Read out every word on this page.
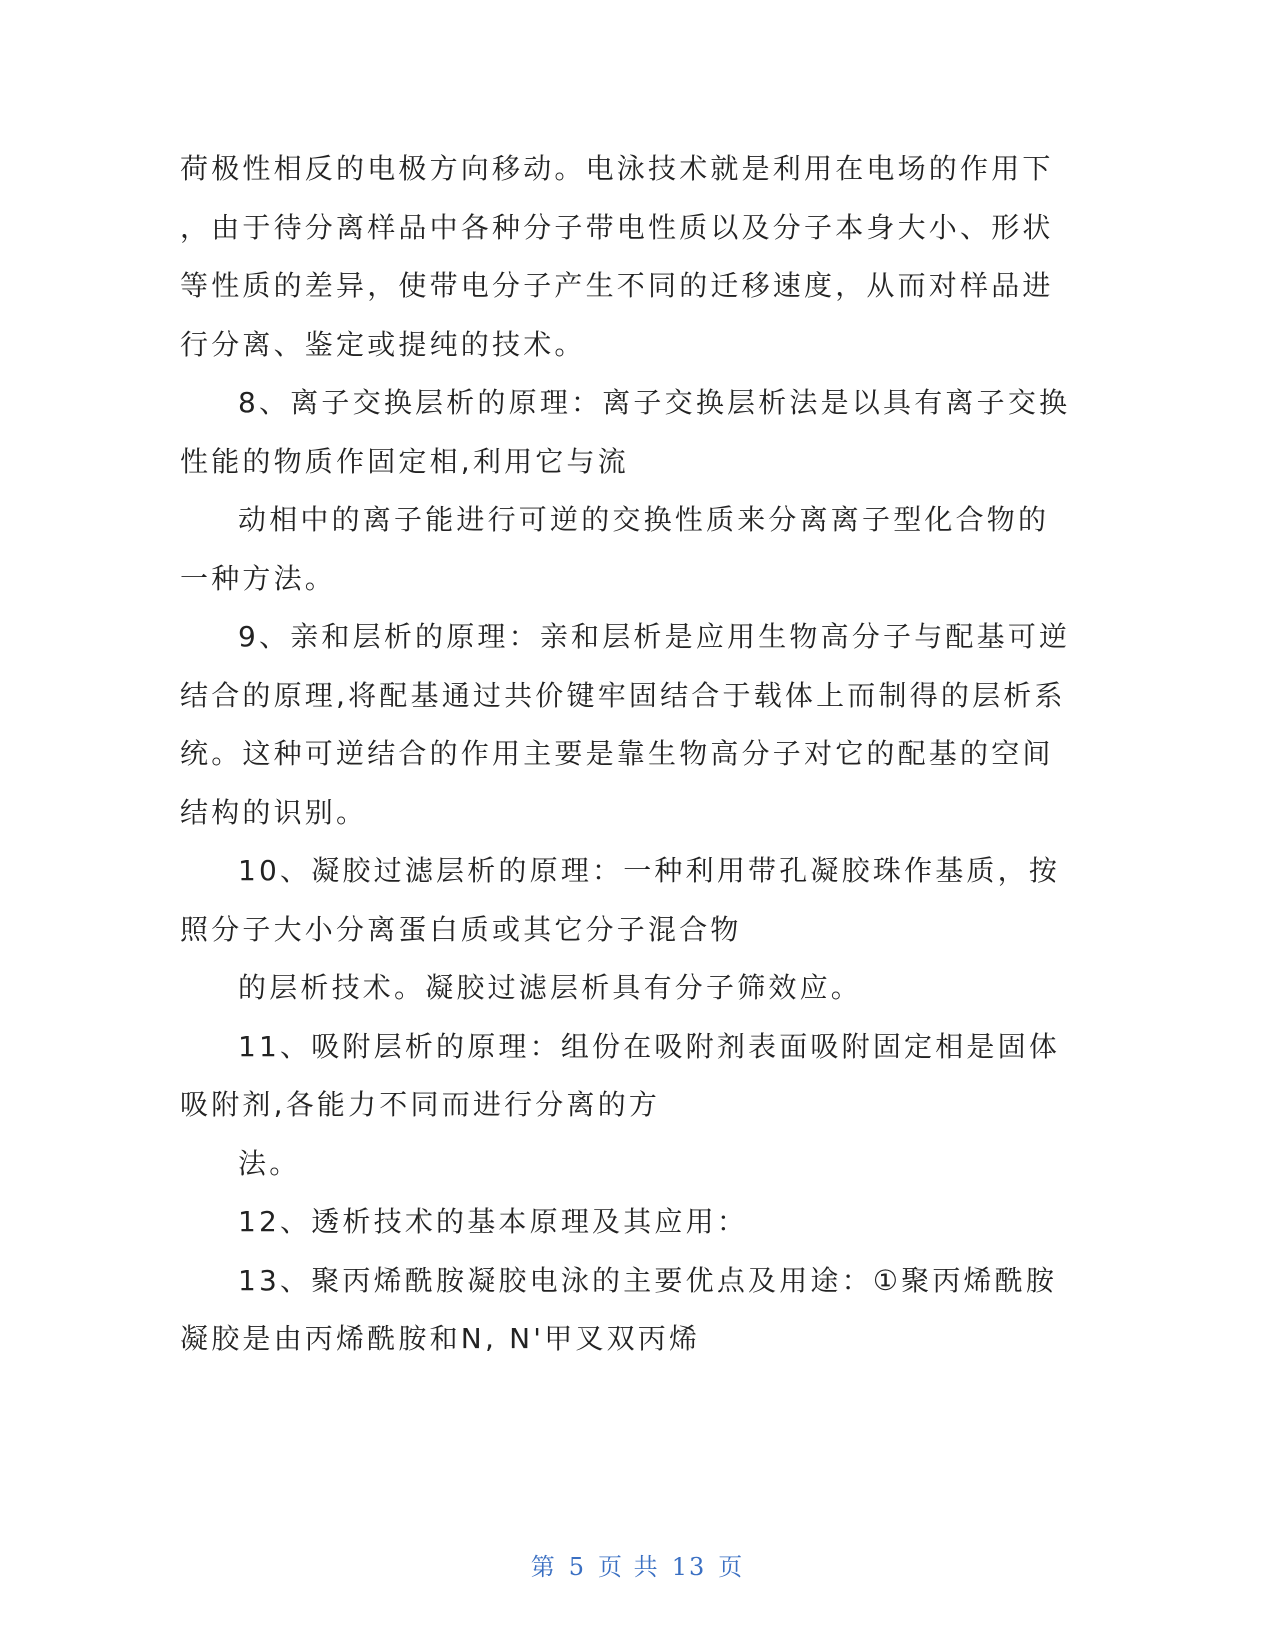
荷极性相反的电极方向移动。电泳技术就是利用在电场的作用下
，由于待分离样品中各种分子带电性质以及分子本身大小、形状
等性质的差异，使带电分子产生不同的迁移速度，从而对样品进
行分离、鉴定或提纯的技术。
8、离子交换层析的原理：离子交换层析法是以具有离子交换
性能的物质作固定相,利用它与流
动相中的离子能进行可逆的交换性质来分离离子型化合物的
一种方法。
9、亲和层析的原理：亲和层析是应用生物高分子与配基可逆
结合的原理,将配基通过共价键牢固结合于载体上而制得的层析系
统。这种可逆结合的作用主要是靠生物高分子对它的配基的空间
结构的识别。
10、凝胶过滤层析的原理：一种利用带孔凝胶珠作基质，按
照分子大小分离蛋白质或其它分子混合物
的层析技术。凝胶过滤层析具有分子筛效应。
11、吸附层析的原理：组份在吸附剂表面吸附固定相是固体
吸附剂,各能力不同而进行分离的方
法。
12、透析技术的基本原理及其应用：
13、聚丙烯酰胺凝胶电泳的主要优点及用途：①聚丙烯酰胺
凝胶是由丙烯酰胺和N, N'甲叉双丙烯
第 5 页 共 13 页
